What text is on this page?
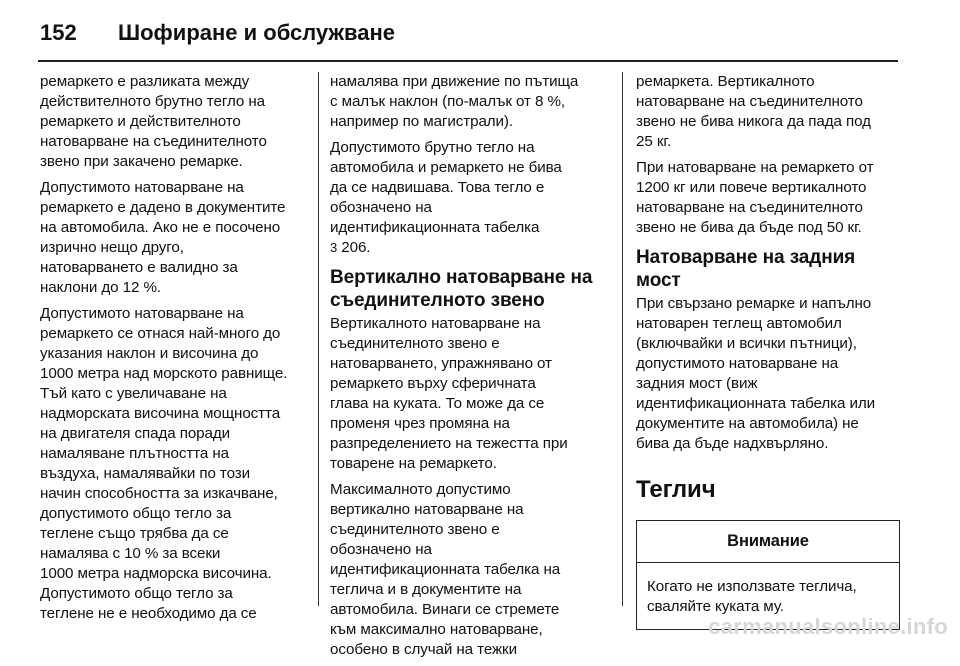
152	Шофиране и обслужване

ремаркето е разликата между
действителното брутно тегло на
ремаркето и действителното
натоварване на съединителното
звено при закачено ремарке.

Допустимото натоварване на
ремаркето е дадено в документите
на автомобила. Ако не е посочено
изрично нещо друго,
натоварването е валидно за
наклони до 12 %.

Допустимото натоварване на
ремаркето се отнася най-много до
указания наклон и височина до
1000 метра над морското равнище.
Тъй като с увеличаване на
надморската височина мощността
на двигателя спада поради
намаляване плътността на
въздуха, намалявайки по този
начин способността за изкачване,
допустимото общо тегло за
теглене също трябва да се
намалява с 10 % за всеки
1000 метра надморска височина.
Допустимото общо тегло за
теглене не е необходимо да се

намалява при движение по пътища
с малък наклон (по-малък от 8 %,
например по магистрали).

Допустимото брутно тегло на
автомобила и ремаркето не бива
да се надвишава. Това тегло е
обозначено на
идентификационната табелка
3 206.

Вертикално натоварване на
съединителното звено

Вертикалното натоварване на
съединителното звено е
натоварването, упражнявано от
ремаркето върху сферичната
глава на куката. То може да се
променя чрез промяна на
разпределението на тежестта при
товарене на ремаркето.

Максималното допустимо
вертикално натоварване на
съединителното звено е
обозначено на
идентификационната табелка на
теглича и в документите на
автомобила. Винаги се стремете
към максимално натоварване,
особено в случай на тежки

ремаркета. Вертикалното
натоварване на съединителното
звено не бива никога да пада под
25 кг.

При натоварване на ремаркето от
1200 кг или повече вертикалното
натоварване на съединителното
звено не бива да бъде под 50 кг.

Натоварване на задния мост

При свързано ремарке и напълно
натоварен теглещ автомобил
(включвайки и всички пътници),
допустимото натоварване на
задния мост (виж
идентификационната табелка или
документите на автомобила) не
бива да бъде надхвърляно.

Теглич
Внимание
Когато не използвате теглича,
сваляйте куката му.
carmanualsonline.info
